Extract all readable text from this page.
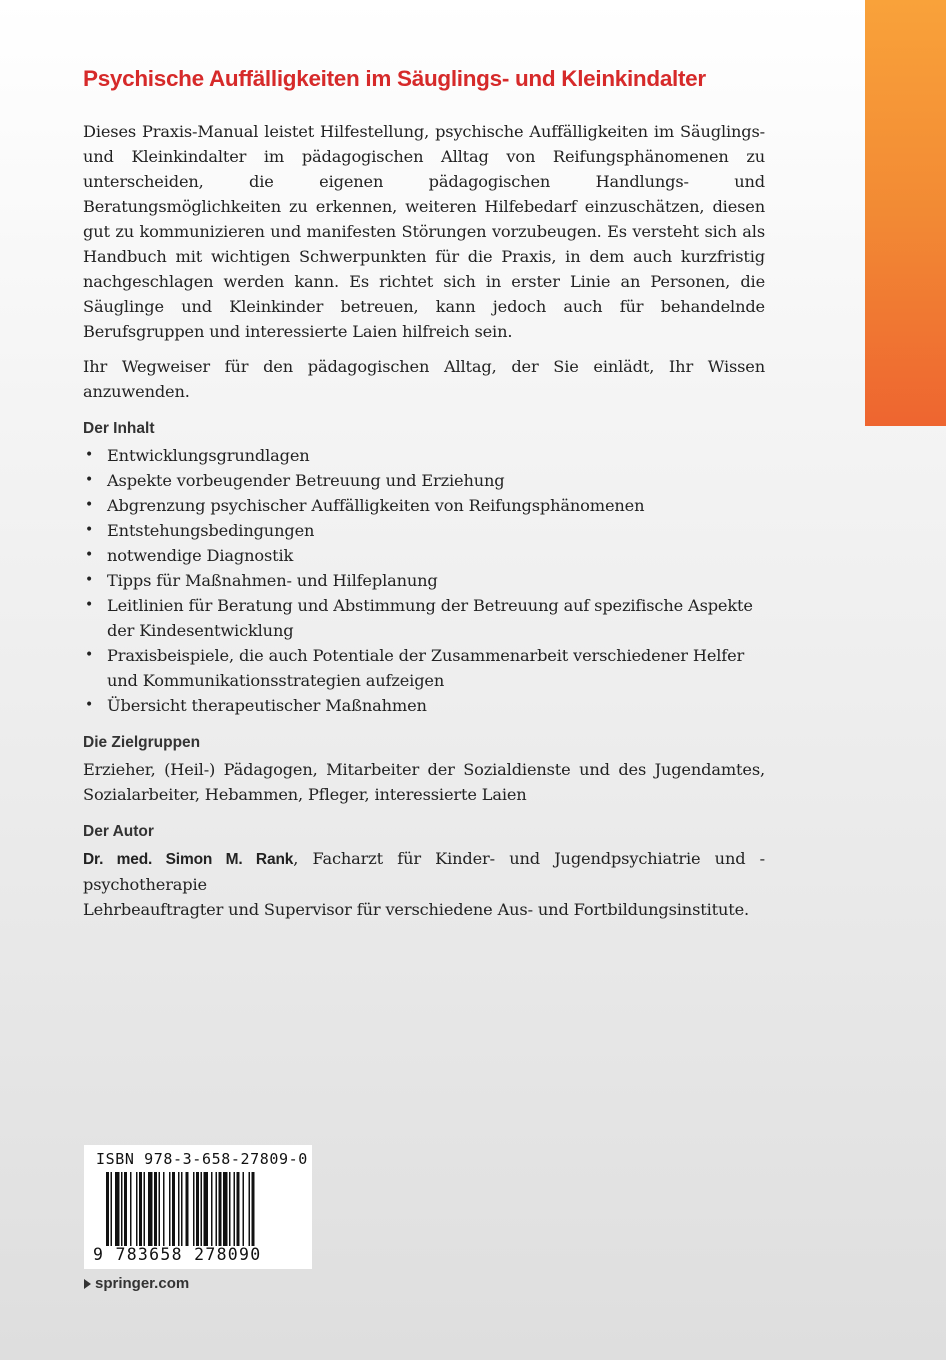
Psychische Auffälligkeiten im Säuglings- und Kleinkindalter

Dieses Praxis-Manual leistet Hilfestellung, psychische Auffälligkeiten im Säuglings- und Kleinkindalter im pädagogischen Alltag von Reifungsphänomenen zu unterscheiden, die eigenen pädagogischen Handlungs- und Beratungsmöglichkeiten zu erkennen, weiteren Hilfebedarf einzuschätzen, diesen gut zu kommunizieren und manifesten Störungen vorzubeugen. Es versteht sich als Handbuch mit wichtigen Schwerpunkten für die Praxis, in dem auch kurzfristig nachgeschlagen werden kann. Es richtet sich in erster Linie an Personen, die Säuglinge und Kleinkinder betreuen, kann jedoch auch für behandelnde Berufsgruppen und interessierte Laien hilfreich sein.

Ihr Wegweiser für den pädagogischen Alltag, der Sie einlädt, Ihr Wissen anzuwenden.

Der Inhalt
• Entwicklungsgrundlagen
• Aspekte vorbeugender Betreuung und Erziehung
• Abgrenzung psychischer Auffälligkeiten von Reifungsphänomenen
• Entstehungsbedingungen
• notwendige Diagnostik
• Tipps für Maßnahmen- und Hilfeplanung
• Leitlinien für Beratung und Abstimmung der Betreuung auf spezifische Aspekte der Kindesentwicklung
• Praxisbeispiele, die auch Potentiale der Zusammenarbeit verschiedener Helfer und Kommunikationsstrategien aufzeigen
• Übersicht therapeutischer Maßnahmen
Die Zielgruppen

Erzieher, (Heil-) Pädagogen, Mitarbeiter der Sozialdienste und des Jugendamtes, Sozialarbeiter, Hebammen, Pfleger, interessierte Laien

Der Autor

Dr. med. Simon M. Rank, Facharzt für Kinder- und Jugendpsychiatrie und -psychotherapie
Lehrbeauftragter und Supervisor für verschiedene Aus- und Fortbildungsinstitute.

ISBN 978-3-658-27809-0
9 783658 278090
springer.com
